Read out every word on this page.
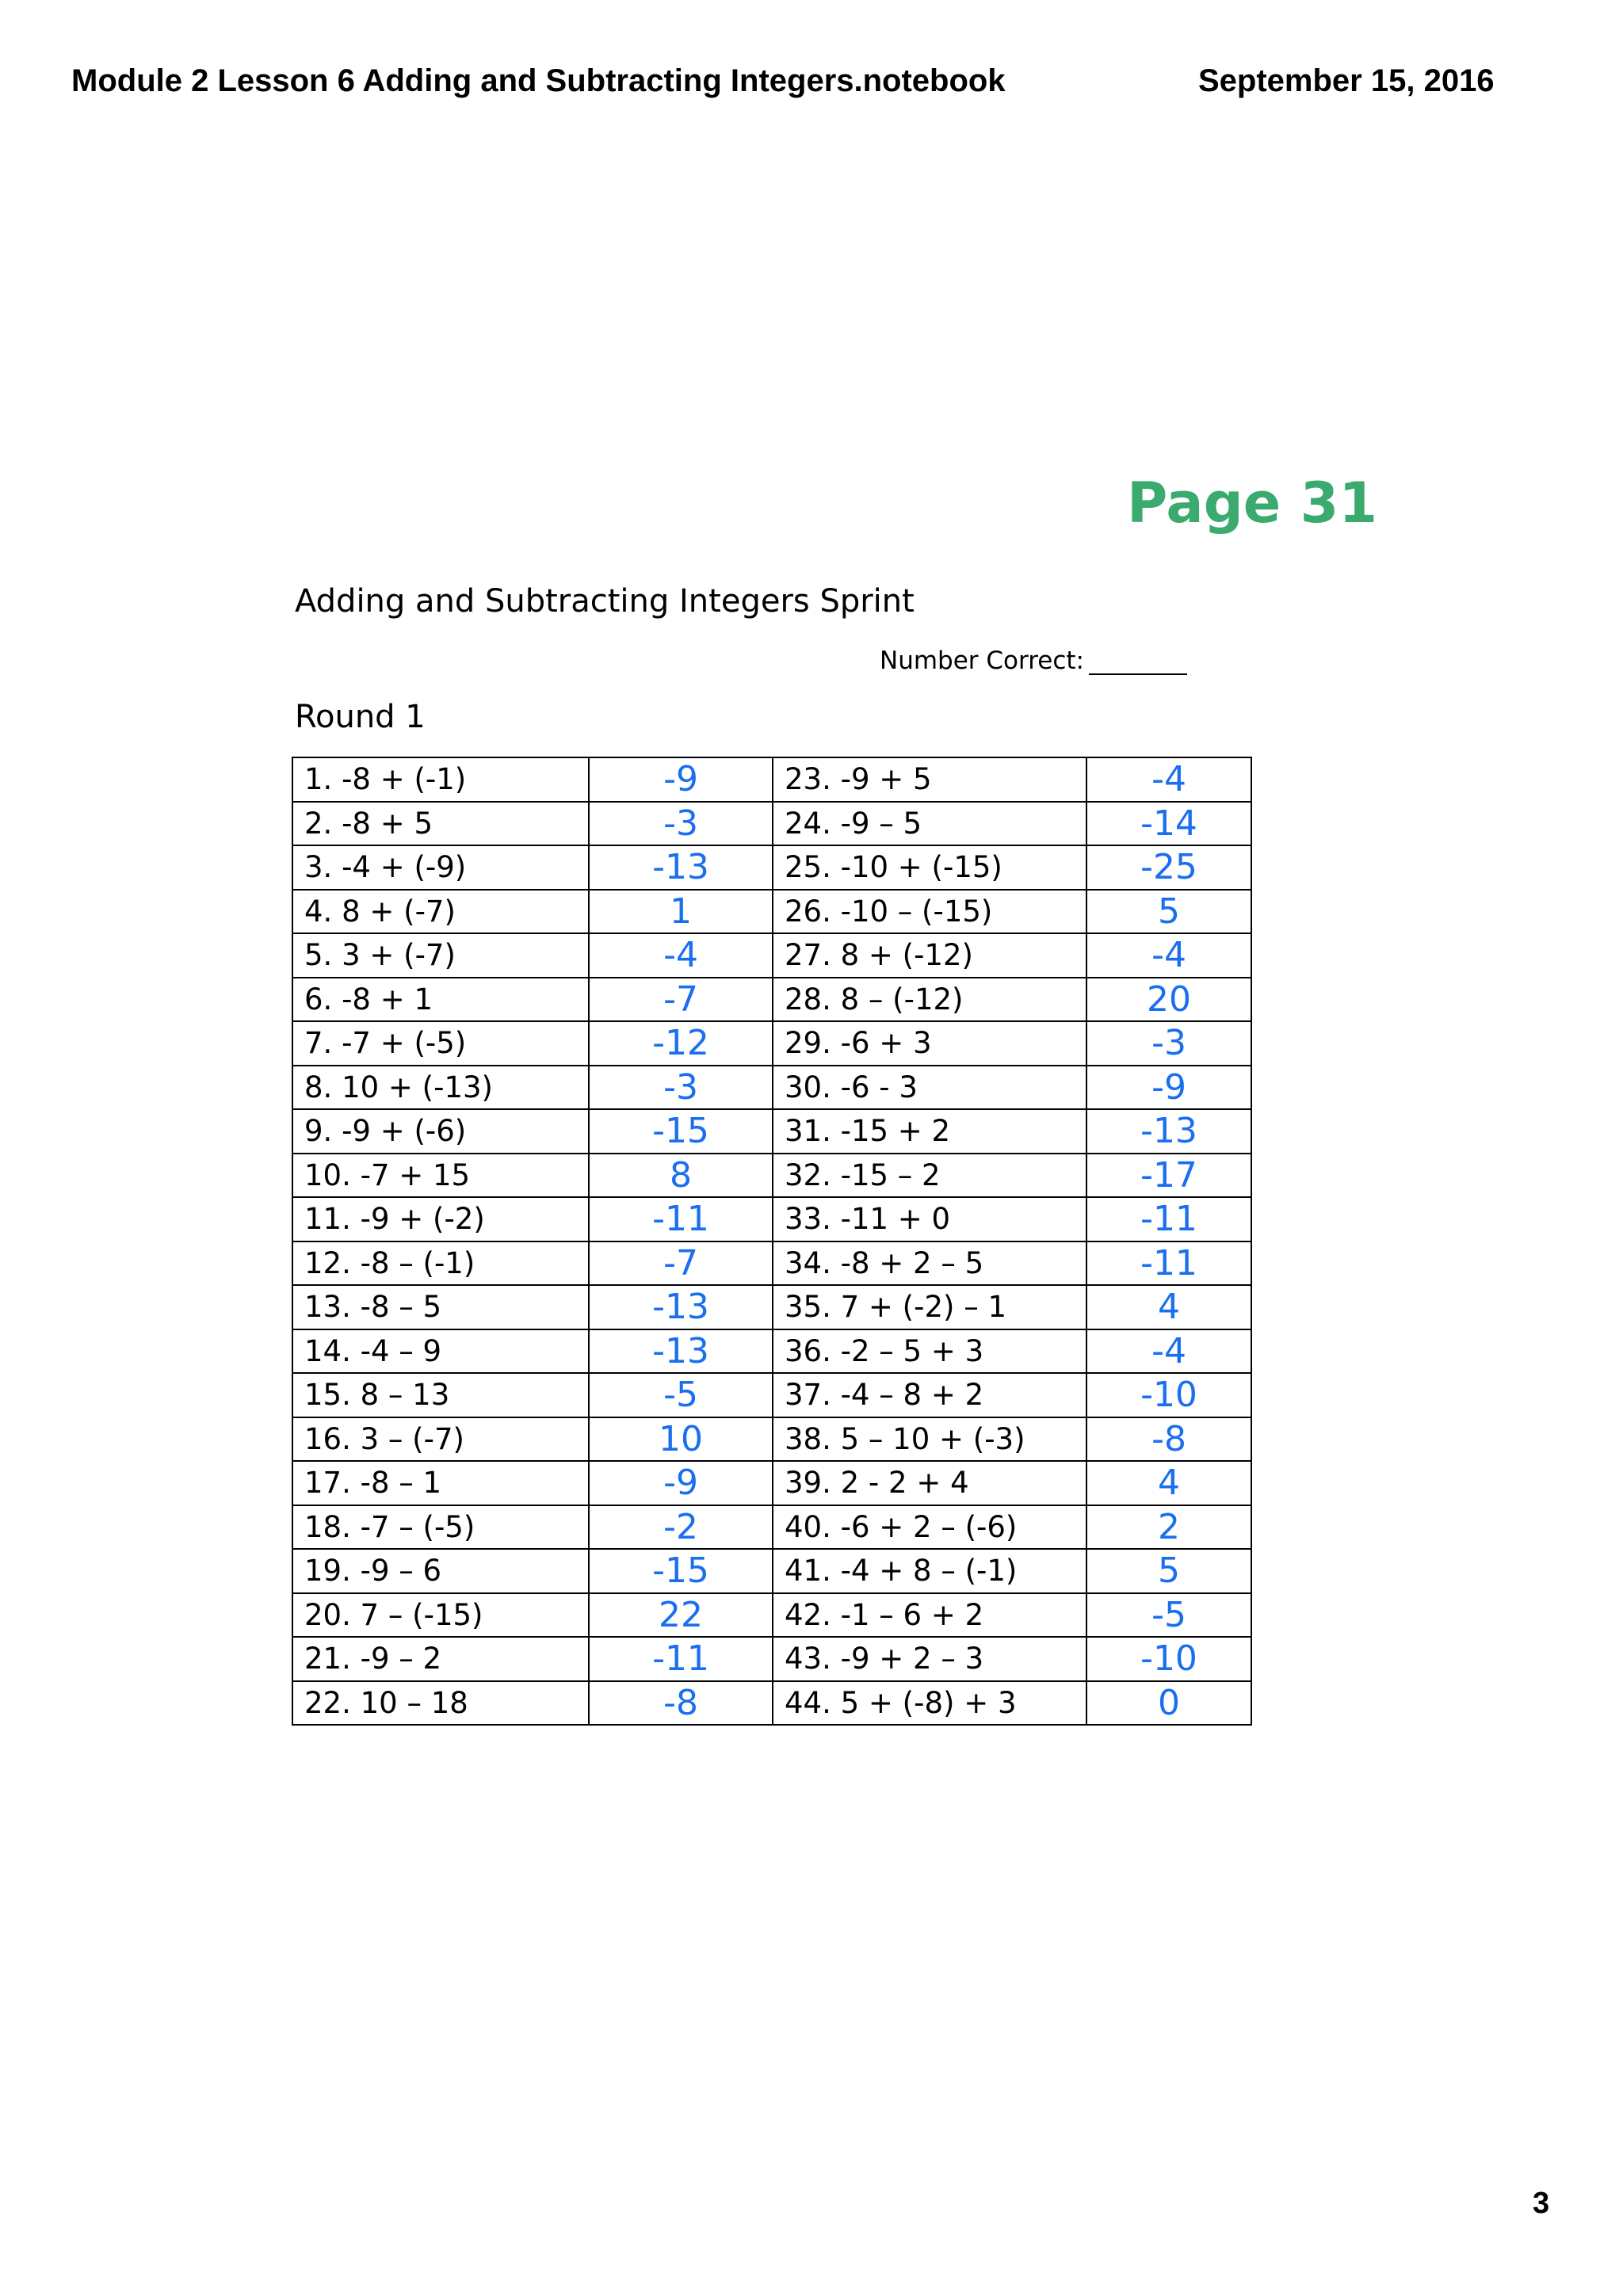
Module 2 Lesson 6 Adding and Subtracting Integers.notebook	September 15, 2016
Page 31
Adding and Subtracting Integers Sprint
Number Correct:
Round 1
1. -8 + (-1)	-9	23. -9 + 5	-4
2. -8 + 5	-3	24. -9 – 5	-14
3. -4 + (-9)	-13	25. -10 + (-15)	-25
4. 8 + (-7)	1	26. -10 – (-15)	5
5. 3 + (-7)	-4	27. 8 + (-12)	-4
6. -8 + 1	-7	28. 8 – (-12)	20
7. -7 + (-5)	-12	29. -6 + 3	-3
8. 10 + (-13)	-3	30. -6 - 3	-9
9. -9 + (-6)	-15	31. -15 + 2	-13
10. -7 + 15	8	32. -15 – 2	-17
11. -9 + (-2)	-11	33. -11 + 0	-11
12. -8 – (-1)	-7	34. -8 + 2 – 5	-11
13. -8 – 5	-13	35. 7 + (-2) – 1	4
14. -4 – 9	-13	36. -2 – 5 + 3	-4
15. 8 – 13	-5	37. -4 – 8 + 2	-10
16. 3 – (-7)	10	38. 5 – 10 + (-3)	-8
17. -8 – 1	-9	39. 2 - 2 + 4	4
18. -7 – (-5)	-2	40. -6 + 2 – (-6)	2
19. -9 – 6	-15	41. -4 + 8 – (-1)	5
20. 7 – (-15)	22	42. -1 – 6 + 2	-5
21. -9 – 2	-11	43. -9 + 2 – 3	-10
22. 10 – 18	-8	44. 5 + (-8) + 3	0
3
